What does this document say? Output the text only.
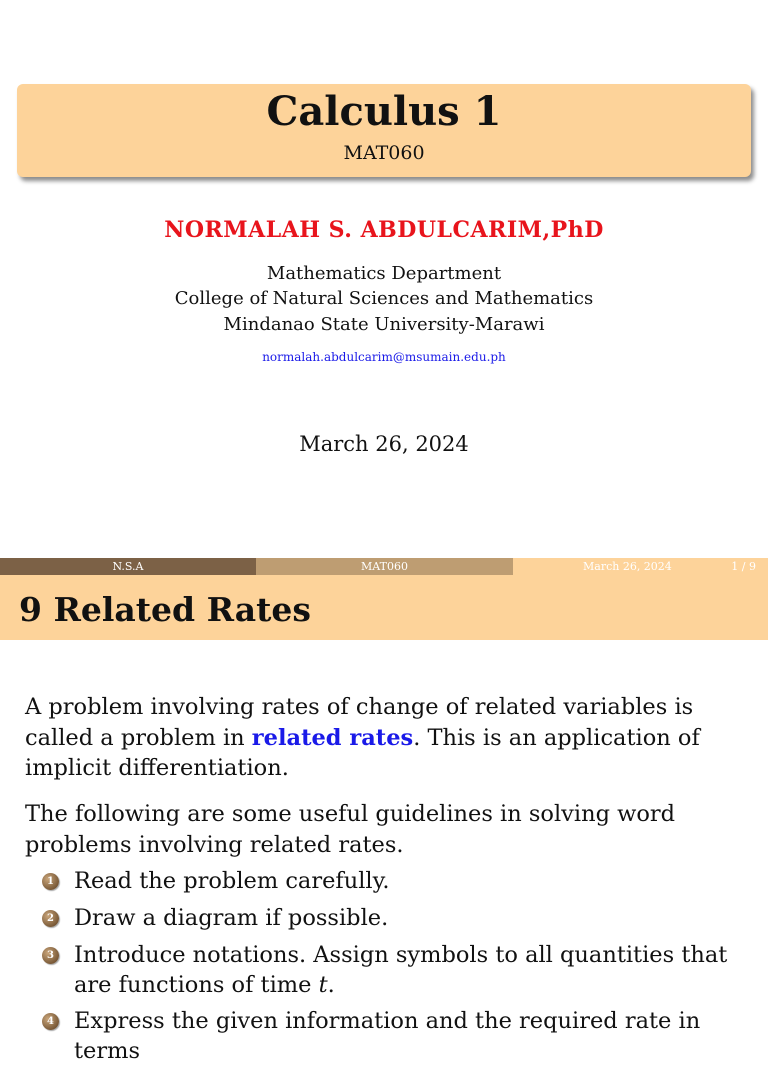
Calculus 1
MAT060
NORMALAH S. ABDULCARIM,PhD
Mathematics Department
College of Natural Sciences and Mathematics
Mindanao State University-Marawi
normalah.abdulcarim@msumain.edu.ph
March 26, 2024
N.S.A	MAT060	March 26, 2024	1 / 9
9 Related Rates
A problem involving rates of change of related variables is called a problem in related rates. This is an application of implicit differentiation.
The following are some useful guidelines in solving word problems involving related rates.
1 Read the problem carefully.
2 Draw a diagram if possible.
3 Introduce notations. Assign symbols to all quantities that are functions of time t.
4 Express the given information and the required rate in terms
